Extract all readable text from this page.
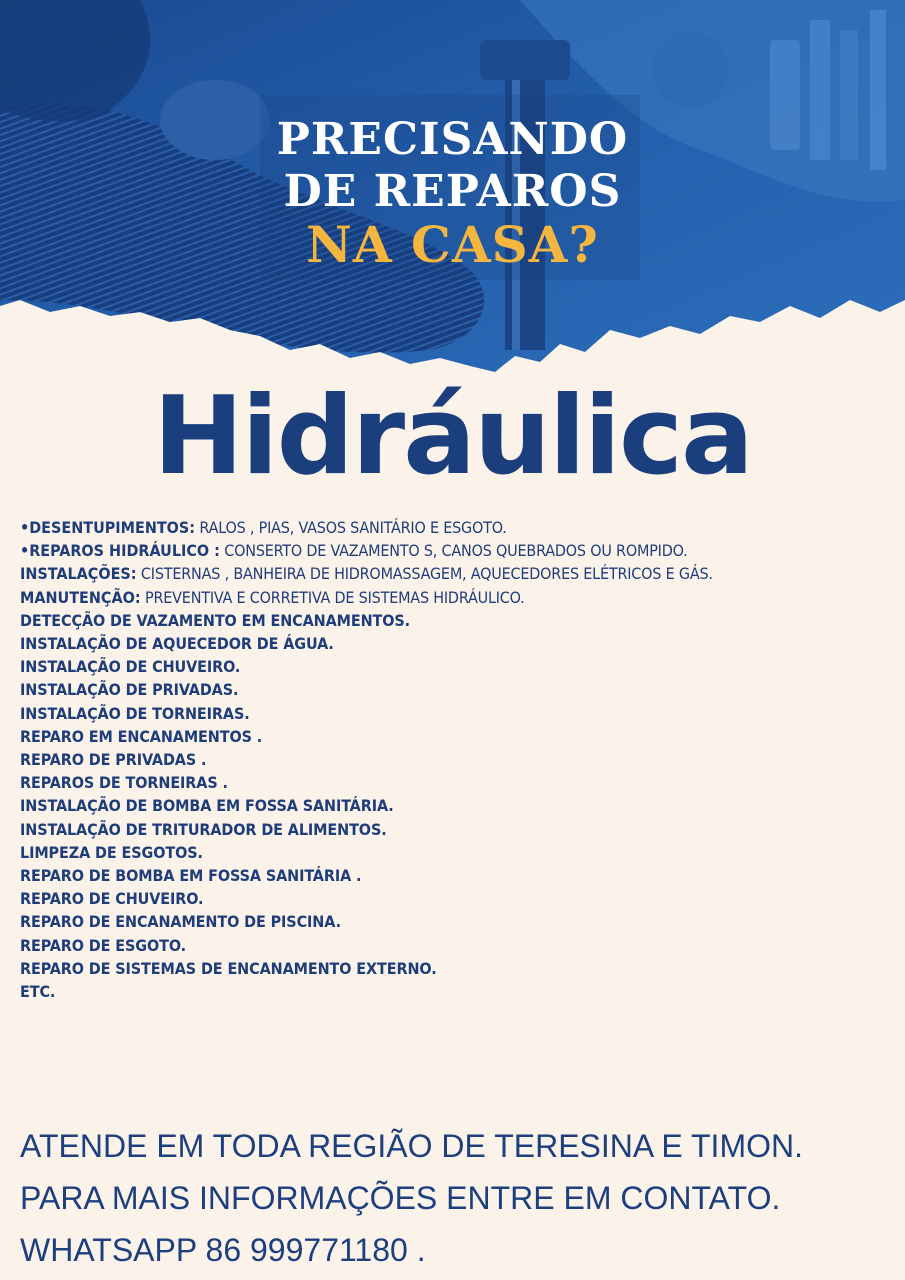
PRECISANDO
DE REPAROS
NA CASA?
Hidráulica
•DESENTUPIMENTOS: RALOS , PIAS, VASOS SANITÁRIO E ESGOTO.
•REPAROS HIDRÁULICO : CONSERTO DE VAZAMENTO S, CANOS QUEBRADOS OU ROMPIDO.
INSTALAÇÕES: CISTERNAS , BANHEIRA DE HIDROMASSAGEM, AQUECEDORES ELÉTRICOS E GÁS.
MANUTENÇÃO: PREVENTIVA E CORRETIVA DE SISTEMAS HIDRÁULICO.
DETECÇÃO DE VAZAMENTO EM ENCANAMENTOS.
INSTALAÇÃO DE AQUECEDOR DE ÁGUA.
INSTALAÇÃO DE CHUVEIRO.
INSTALAÇÃO DE PRIVADAS.
INSTALAÇÃO DE TORNEIRAS.
REPARO EM ENCANAMENTOS .
REPARO DE PRIVADAS .
REPAROS DE TORNEIRAS .
INSTALAÇÃO DE BOMBA EM FOSSA SANITÁRIA.
INSTALAÇÃO DE TRITURADOR DE ALIMENTOS.
LIMPEZA DE ESGOTOS.
REPARO DE BOMBA EM FOSSA SANITÁRIA .
REPARO DE CHUVEIRO.
REPARO DE ENCANAMENTO DE PISCINA.
REPARO DE ESGOTO.
REPARO DE SISTEMAS DE ENCANAMENTO EXTERNO.
ETC.
ATENDE EM TODA REGIÃO DE TERESINA E TIMON.
PARA MAIS INFORMAÇÕES ENTRE EM CONTATO.
WHATSAPP 86 999771180 .
